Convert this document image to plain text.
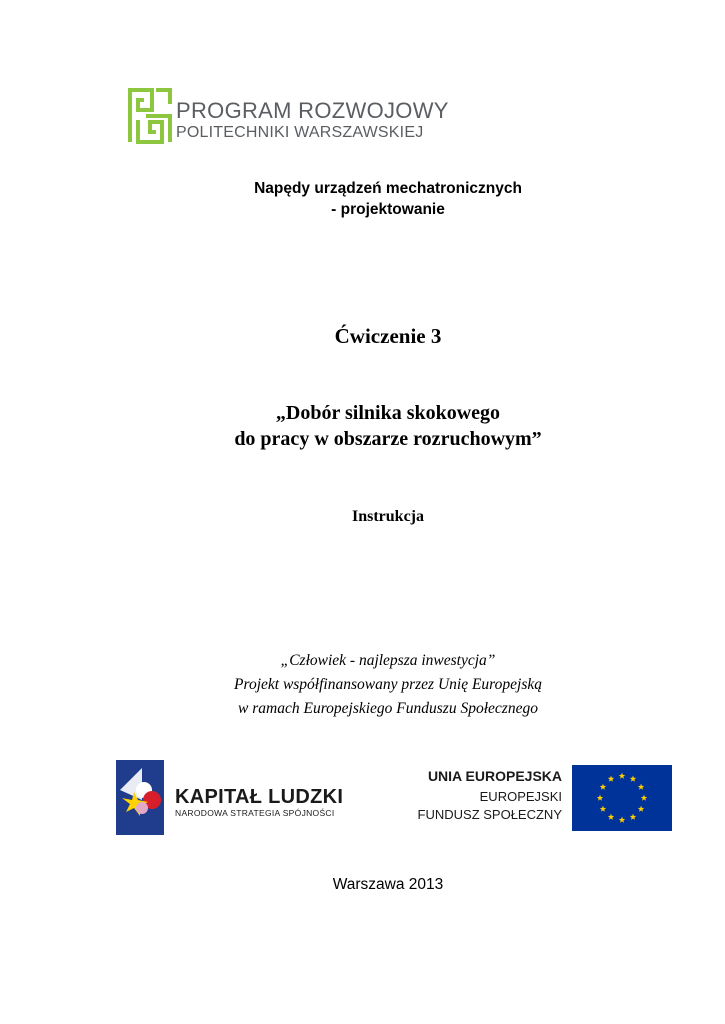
PROGRAM ROZWOJOWY
POLITECHNIKI WARSZAWSKIEJ
Napędy urządzeń mechatronicznych
- projektowanie
Ćwiczenie 3
„Dobór silnika skokowego
do pracy w obszarze rozruchowym”
Instrukcja
„Człowiek - najlepsza inwestycja”
Projekt współfinansowany przez Unię Europejską
w ramach Europejskiego Funduszu Społecznego
KAPITAŁ LUDZKI
NARODOWA STRATEGIA SPÓJNOŚCI
UNIA EUROPEJSKA
EUROPEJSKI
FUNDUSZ SPOŁECZNY
Warszawa 2013
